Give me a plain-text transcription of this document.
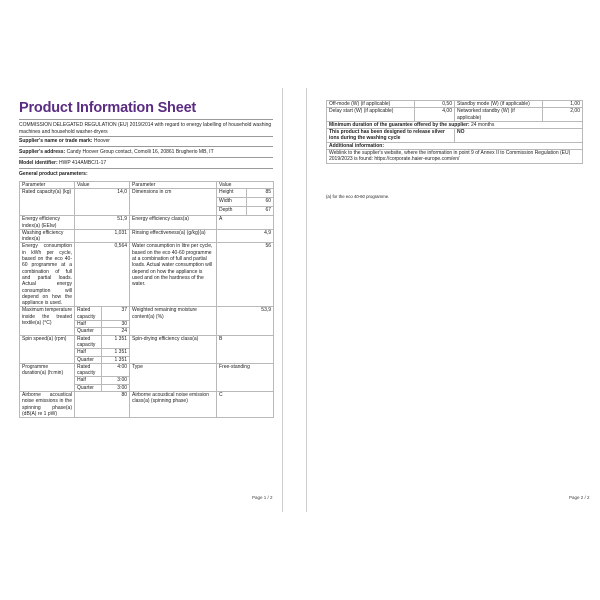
Product Information Sheet
COMMISSION DELEGATED REGULATION (EU) 2019/2014 with regard to energy labelling of household washing machines and household washer-dryers
Supplier's name or trade mark: Hoover
Supplier's address: Candy Hoover Group contact, Comolli 16, 20861 Brugherio MB, IT
Model identifier: HWP 414AMBC/1-17
General product parameters:
Parameter	Value		Parameter	Value	
Rated capacity(a) (kg)	14,0		Dimensions in cm	Height	85
				Width	60
				Depth	67
Energy efficiency index(a) (EEIw)	51,9		Energy efficiency class(a)	A	
Washing efficiency index(a)	1,031		Rinsing effectiveness(a) (g/kg)(a)	4,9	
Energy consumption in kWh per cycle, based on the eco 40-60 programme at a combination of full and partial loads. Actual energy consumption will depend on how the appliance is used.	0,564		Water consumption in litre per cycle, based on the eco 40-60 programme at a combination of full and partial loads. Actual water consumption will depend on how the appliance is used and on the hardness of the water.	56	
Maximum temperature inside the treated textile(a) (°C)	Rated capacity	37	Weighted remaining moisture content(a) (%)	53,9	
	Half	30			
	Quarter	24			
Spin speed(a) (rpm)	Rated capacity	1 351	Spin-drying efficiency class(a)	B	
	Half	1 351			
	Quarter	1 351			
Programme duration(a) (h:min)	Rated capacity	4:00	Type	Free-standing	
	Half	3:00			
	Quarter	3:00			
Airborne acoustical noise emissions in the spinning phase(a) (dB(A) re 1 pW)	80		Airborne acoustical noise emission class(a) (spinning phase)	C	
Page 1 / 2
Off-mode (W) (if applicable)	0,50	Standby mode (W) (if applicable)	1,00
Delay start (W) (if applicable)	4,00	Networked standby (W) (if applicable)	2,00
Minimum duration of the guarantee offered by the supplier: 24 months			
This product has been designed to release silver ions during the washing cycle		NO	
Additional information:			
Weblink to the supplier's website, where the information in point 9 of Annex II to Commission Regulation (EU) 2019/2023 is found: https://corporate.haier-europe.com/en/			
(a) for the eco 40-60 programme.
Page 2 / 2
